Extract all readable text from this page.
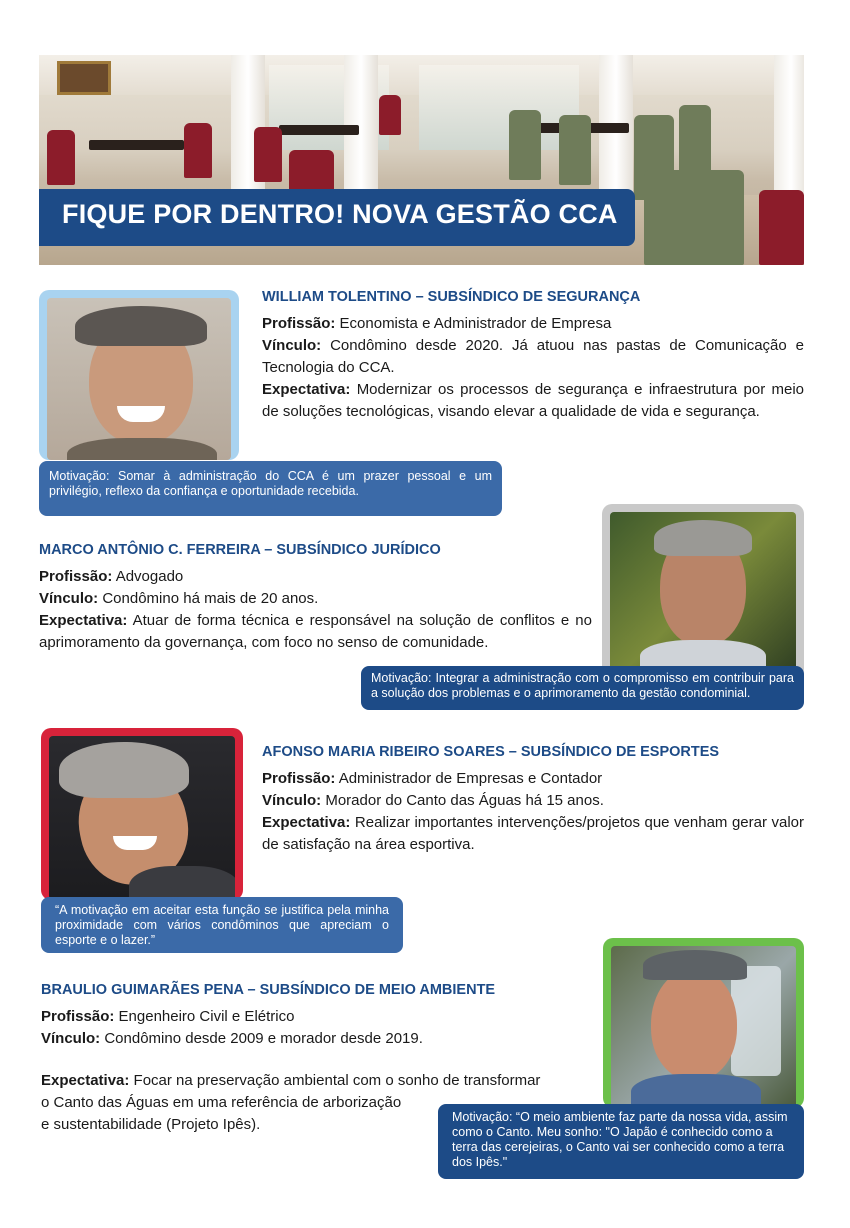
FIQUE POR DENTRO! NOVA GESTÃO CCA
WILLIAM TOLENTINO – SUBSÍNDICO DE SEGURANÇA
Profissão: Economista e Administrador de Empresa
Vínculo: Condômino desde 2020. Já atuou nas pastas de Comunicação e Tecnologia do CCA.
Expectativa: Modernizar os processos de segurança e infraestrutura por meio de soluções tecnológicas, visando elevar a qualidade de vida e segurança.
Motivação: Somar à administração do CCA é um prazer pessoal e um privilégio, reflexo da confiança e oportunidade recebida.
MARCO ANTÔNIO C. FERREIRA – SUBSÍNDICO JURÍDICO
Profissão: Advogado
Vínculo: Condômino há mais de 20 anos.
Expectativa: Atuar de forma técnica e responsável na solução de conflitos e no aprimoramento da governança, com foco no senso de comunidade.
Motivação: Integrar a administração com o compromisso em contribuir para a solução dos problemas e o aprimoramento da gestão condominial.
AFONSO MARIA RIBEIRO SOARES – SUBSÍNDICO DE ESPORTES
Profissão: Administrador de Empresas e Contador
Vínculo: Morador do Canto das Águas há 15 anos.
Expectativa: Realizar importantes intervenções/projetos que venham gerar valor de satisfação na área esportiva.
“A motivação em aceitar esta função se justifica pela minha proximidade com vários condôminos que apreciam o esporte e o lazer.”
BRAULIO GUIMARÃES PENA – SUBSÍNDICO DE MEIO AMBIENTE
Profissão: Engenheiro Civil e Elétrico
Vínculo: Condômino desde 2009 e morador desde 2019.
Expectativa: Focar na preservação ambiental com o sonho de transformar
o Canto das Águas em uma referência de arborização
e sustentabilidade (Projeto Ipês).	Motivação: “O meio ambiente faz parte da nossa vida, assim como o Canto. Meu sonho: "O Japão é conhecido como a terra das cerejeiras, o Canto vai ser conhecido como a terra dos Ipês."
